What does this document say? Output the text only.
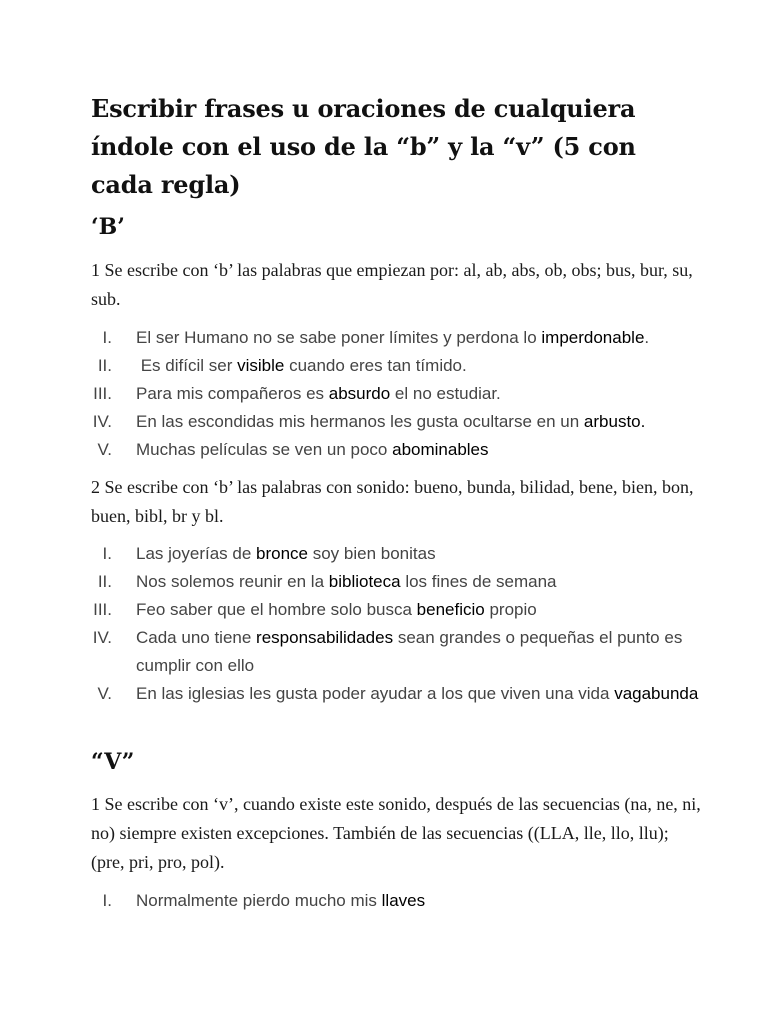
Escribir frases u oraciones de cualquiera índole con el uso de la “b” y la “v” (5 con cada regla)
‘B’

1 Se escribe con ‘b’ las palabras que empiezan por: al, ab, abs, ob, obs; bus, bur, su, sub.

I. El ser Humano no se sabe poner límites y perdona lo imperdonable.
II. Es difícil ser visible cuando eres tan tímido.
III. Para mis compañeros es absurdo el no estudiar.
IV. En las escondidas mis hermanos les gusta ocultarse en un arbusto.
V. Muchas películas se ven un poco abominables

2 Se escribe con ‘b’ las palabras con sonido: bueno, bunda, bilidad, bene, bien, bon, buen, bibl, br y bl.

I. Las joyerías de bronce soy bien bonitas
II. Nos solemos reunir en la biblioteca los fines de semana
III. Feo saber que el hombre solo busca beneficio propio
IV. Cada uno tiene responsabilidades sean grandes o pequeñas el punto es cumplir con ello
V. En las iglesias les gusta poder ayudar a los que viven una vida vagabunda
“V”

1 Se escribe con ‘v’, cuando existe este sonido, después de las secuencias (na, ne, ni, no) siempre existen excepciones. También de las secuencias ((LLA, lle, llo, llu); (pre, pri, pro, pol).

I. Normalmente pierdo mucho mis llaves
